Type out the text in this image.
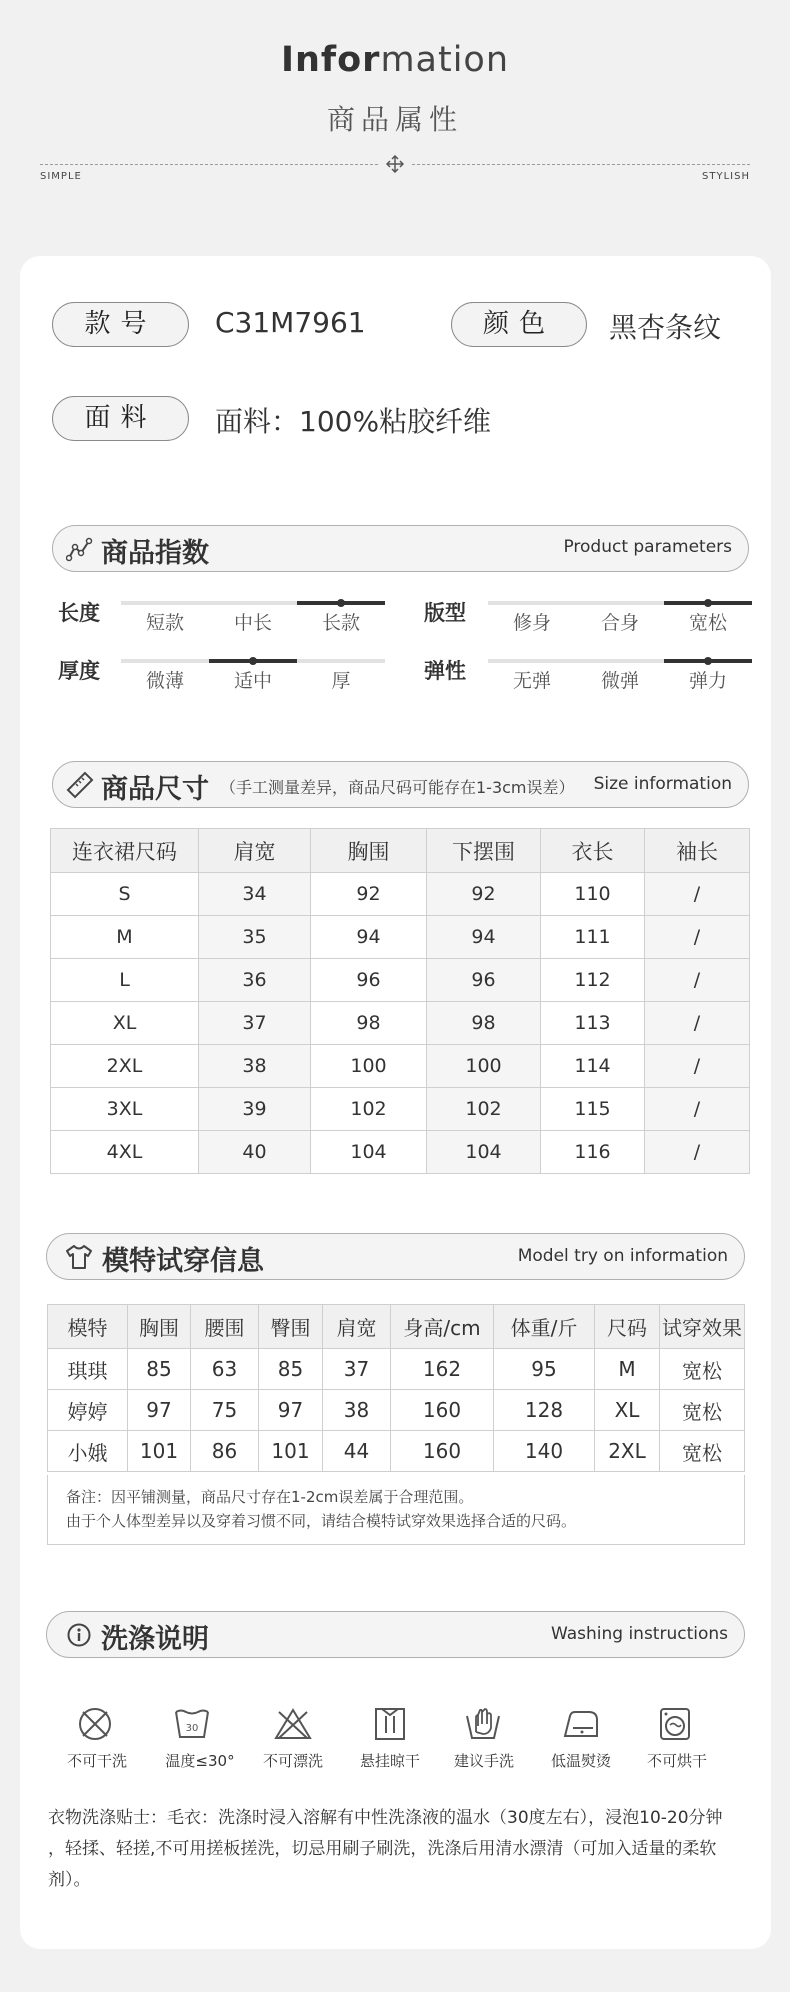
Information
商品属性
SIMPLE	STYLISH
款号	C31M7961	颜色	黑杏条纹
面料	面料：100%粘胶纤维
商品指数	Product parameters
长度	短款	中长	长款	版型	修身	合身	宽松
厚度	微薄	适中	厚	弹性	无弹	微弹	弹力
商品尺寸 （手工测量差异，商品尺码可能存在1-3cm误差） Size information
连衣裙尺码	肩宽	胸围	下摆围	衣长	袖长
S	34	92	92	110	/
M	35	94	94	111	/
L	36	96	96	112	/
XL	37	98	98	113	/
2XL	38	100	100	114	/
3XL	39	102	102	115	/
4XL	40	104	104	116	/
模特试穿信息	Model try on information
模特	胸围	腰围	臀围	肩宽	身高/cm	体重/斤	尺码	试穿效果
琪琪	85	63	85	37	162	95	M	宽松
婷婷	97	75	97	38	160	128	XL	宽松
小娥	101	86	101	44	160	140	2XL	宽松
备注：因平铺测量，商品尺寸存在1-2cm误差属于合理范围。
由于个人体型差异以及穿着习惯不同，请结合模特试穿效果选择合适的尺码。
洗涤说明	Washing instructions
30
不可干洗	温度≤30°	不可漂洗	悬挂晾干	建议手洗	低温熨烫	不可烘干
衣物洗涤贴士：毛衣：洗涤时浸入溶解有中性洗涤液的温水（30度左右），浸泡10-20分钟
，轻揉、轻搓,不可用搓板搓洗，切忌用刷子刷洗，洗涤后用清水漂清（可加入适量的柔软
剂）。
